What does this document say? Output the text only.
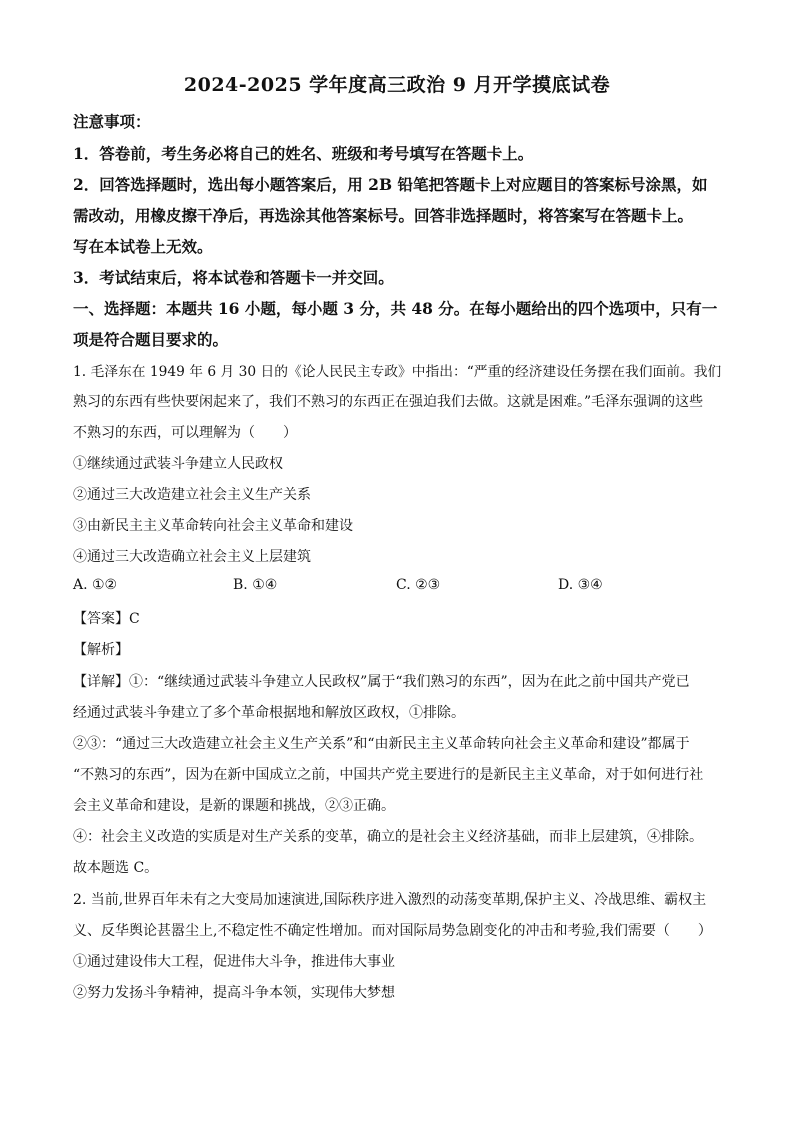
2024-2025 学年度高三政治 9 月开学摸底试卷
注意事项：
1．答卷前，考生务必将自己的姓名、班级和考号填写在答题卡上。
2．回答选择题时，选出每小题答案后，用 2B 铅笔把答题卡上对应题目的答案标号涂黑，如
需改动，用橡皮擦干净后，再选涂其他答案标号。回答非选择题时，将答案写在答题卡上。
写在本试卷上无效。
3．考试结束后，将本试卷和答题卡一并交回。
一、选择题：本题共 16 小题，每小题 3 分，共 48 分。在每小题给出的四个选项中，只有一
项是符合题目要求的。
1. 毛泽东在 1949 年 6 月 30 日的《论人民民主专政》中指出：“严重的经济建设任务摆在我们面前。我们
熟习的东西有些快要闲起来了，我们不熟习的东西正在强迫我们去做。这就是困难。”毛泽东强调的这些
不熟习的东西，可以理解为（　　）
①继续通过武装斗争建立人民政权
②通过三大改造建立社会主义生产关系
③由新民主主义革命转向社会主义革命和建设
④通过三大改造确立社会主义上层建筑
A. ①②	B. ①④	C. ②③	D. ③④
【答案】C
【解析】
【详解】①：“继续通过武装斗争建立人民政权”属于“我们熟习的东西”，因为在此之前中国共产党已
经通过武装斗争建立了多个革命根据地和解放区政权，①排除。
②③：“通过三大改造建立社会主义生产关系”和“由新民主主义革命转向社会主义革命和建设”都属于
“不熟习的东西”，因为在新中国成立之前，中国共产党主要进行的是新民主主义革命，对于如何进行社
会主义革命和建设，是新的课题和挑战，②③正确。
④：社会主义改造的实质是对生产关系的变革，确立的是社会主义经济基础，而非上层建筑，④排除。
故本题选 C。
2. 当前,世界百年未有之大变局加速演进,国际秩序进入激烈的动荡变革期,保护主义、冷战思维、霸权主
义、反华舆论甚嚣尘上,不稳定性不确定性增加。而对国际局势急剧变化的冲击和考验,我们需要（　　）
①通过建设伟大工程，促进伟大斗争，推进伟大事业
②努力发扬斗争精神，提高斗争本领，实现伟大梦想
